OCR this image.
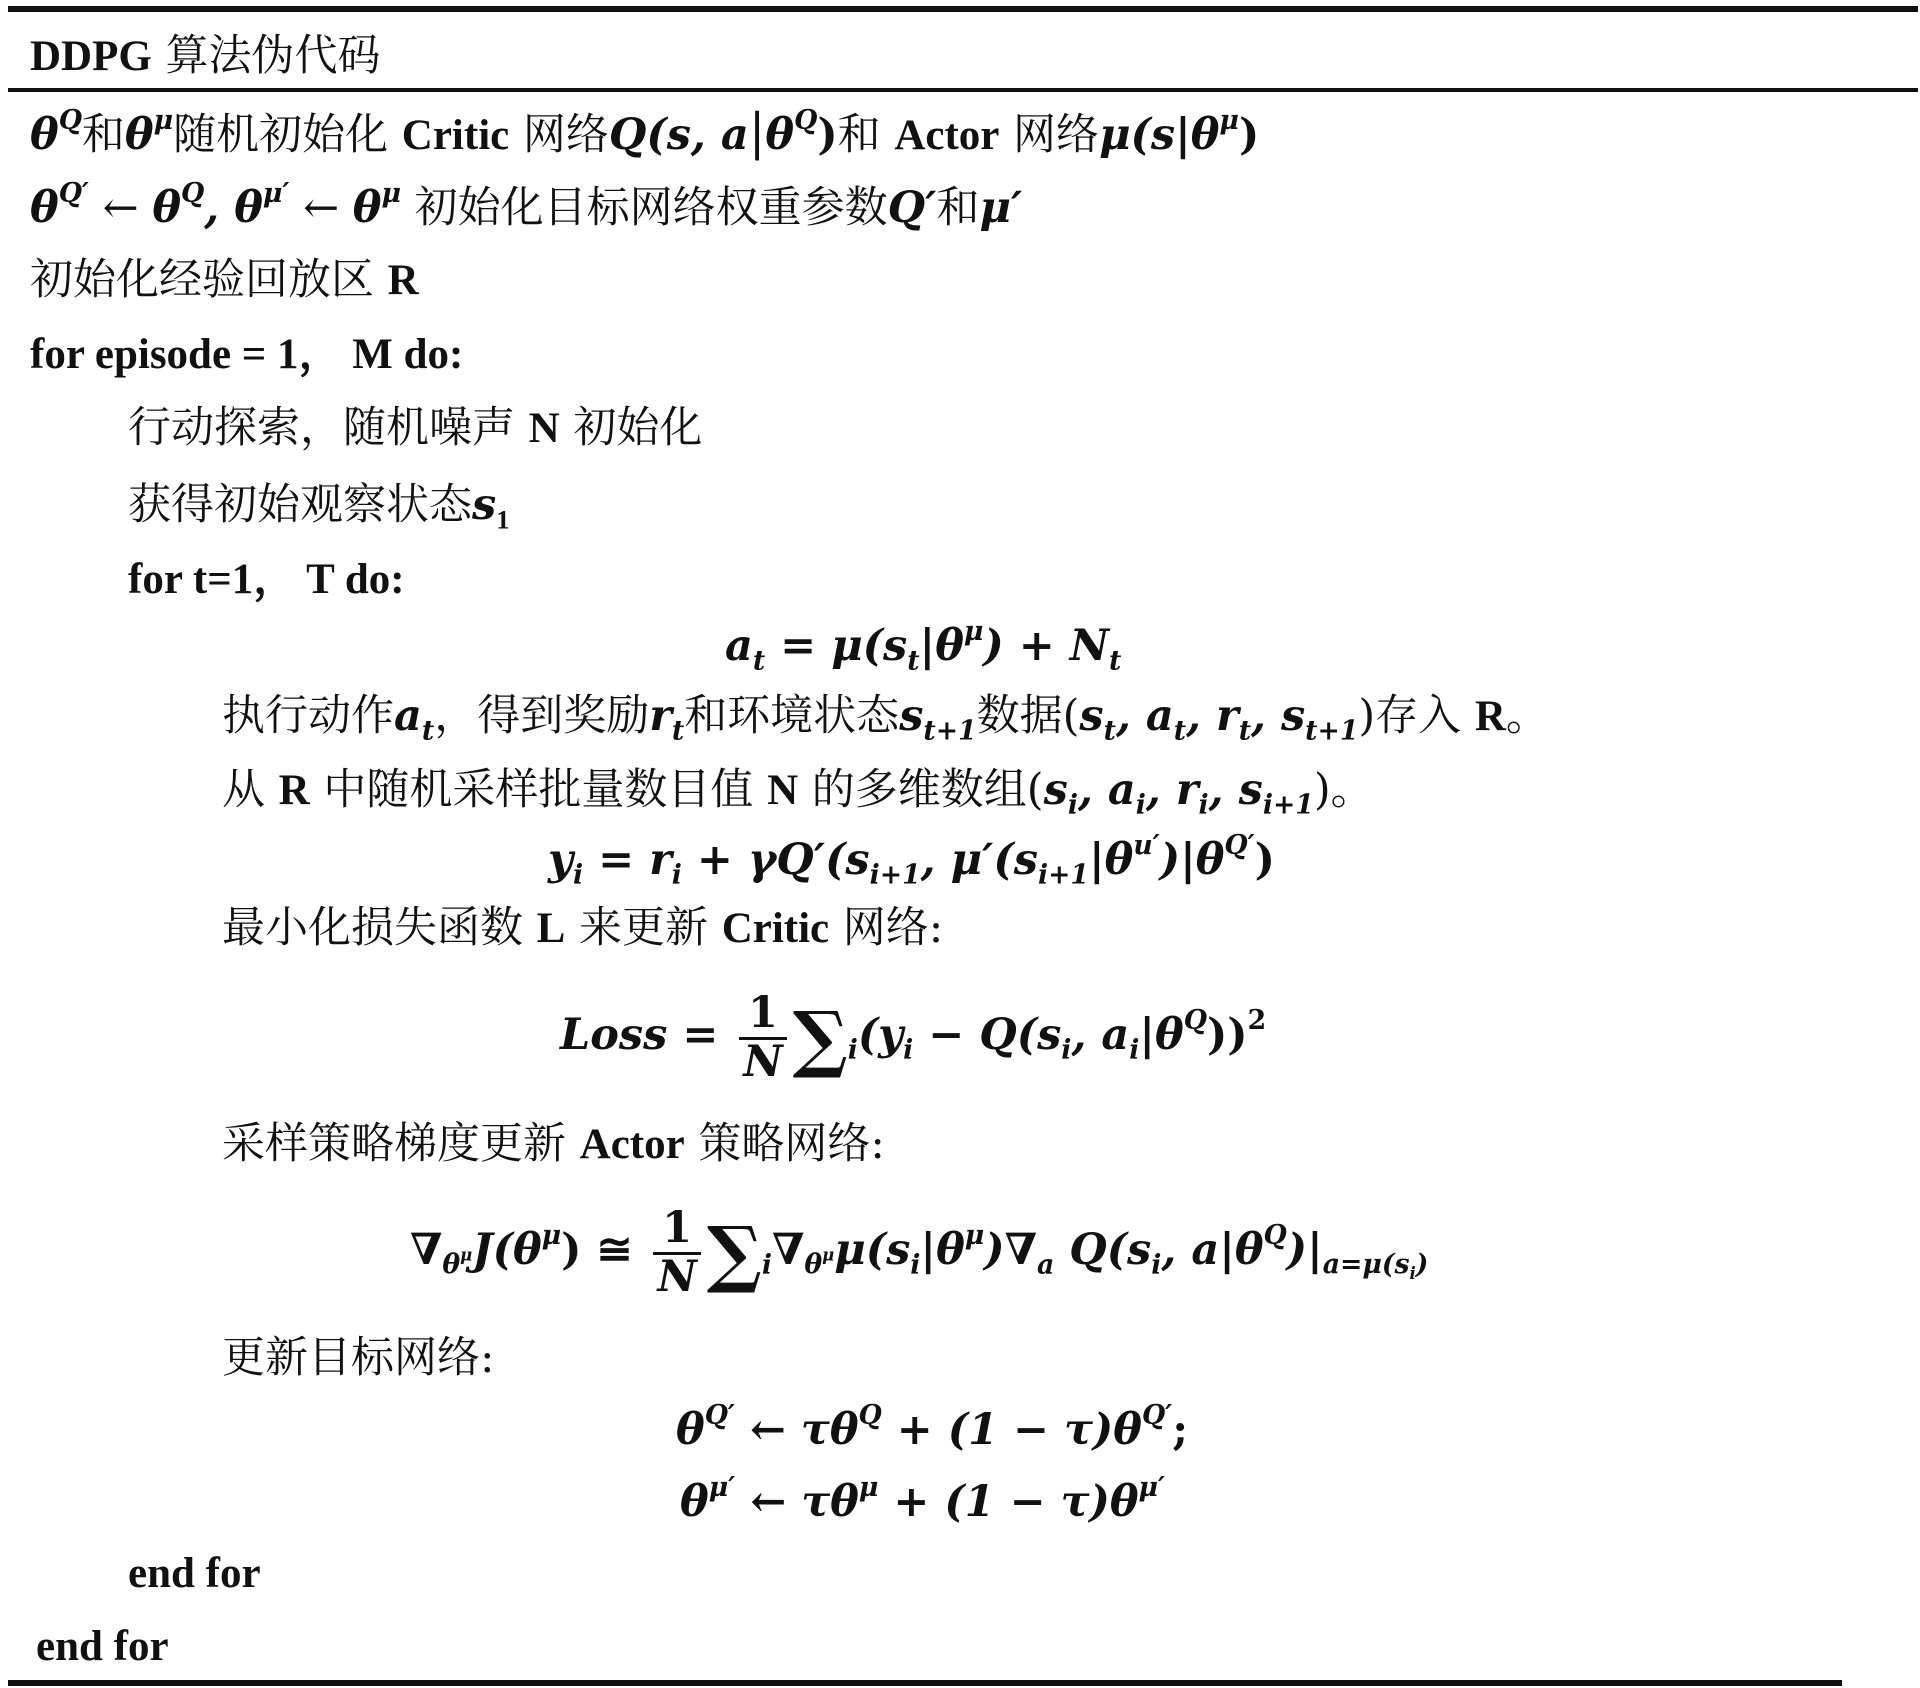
DDPG 算法伪代码
$\theta^Q$和$\theta^\mu$随机初始化 Critic 网络Q(s, $a|\theta^Q$)和 Actor 网络$\mu(s|\theta^\mu)$
$\theta^{Q'}$ ← $\theta^Q$, $\theta^{\mu'}$ ← $\theta^\mu$ 初始化目标网络权重参数Q′和μ′
初始化经验回放区 R
for episode = 1， M do:
行动探索，随机噪声 N 初始化
获得初始观察状态$s_1$
for t=1， T do:
$a_t = \mu(s_t|\theta^\mu) + N_t$
执行动作$a_t$，得到奖励$r_t$和环境状态$s_{t+1}$数据($s_t$, $a_t$, $r_t$, $s_{t+1}$)存入 R。
从 R 中随机采样批量数目值 N 的多维数组($s_i$, $a_i$, $r_i$, $s_{i+1}$)。
$y_i = r_i + \gamma Q'(s_{i+1}$, $\mu'(s_{i+1}|\theta^{u'})|\theta^{Q'}$)
最小化损失函数 L 来更新 Critic 网络:
Loss = $\frac{1}{N} \sum_i(y_i - Q(s_i$, $a_i|\theta^Q))^2$
采样策略梯度更新 Actor 策略网络:
$\nabla_{\theta^\mu}J(\theta^\mu)$ ≅ $\frac{1}{N} \sum_i\nabla_{\theta^\mu}\mu(s_i|\theta^\mu)\nabla_a$ $Q(s_i$, $a|\theta^Q)|_{a=\mu(s_i)}$
更新目标网络:
$\theta^{Q'}$ ← $\tau\theta^Q + (1 - \tau)\theta^{Q'}$;
$\theta^{\mu'}$ ← $\tau\theta^\mu + (1 - \tau)\theta^{\mu'}$
end for
end for
